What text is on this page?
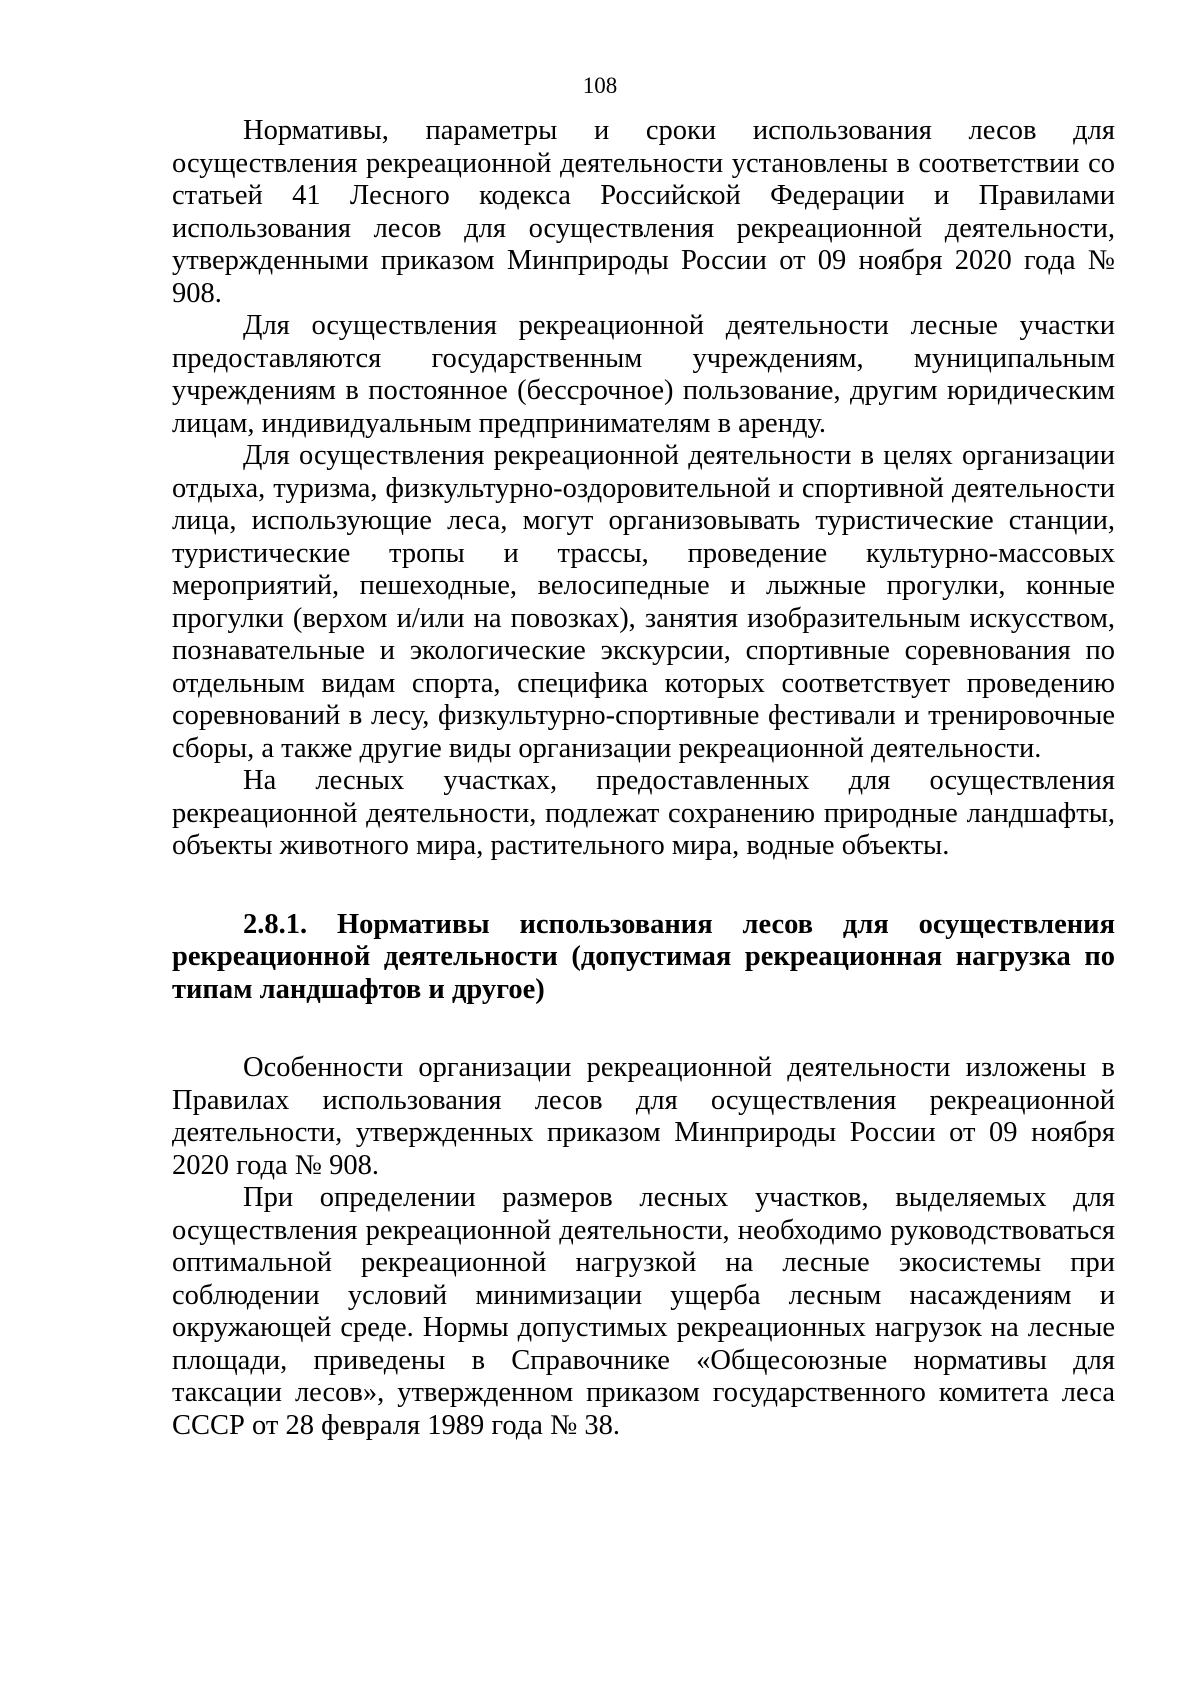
108

Нормативы, параметры и сроки использования лесов для осуществления рекреационной деятельности установлены в соответствии со статьей 41 Лесного кодекса Российской Федерации и Правилами использования лесов для осуществления рекреационной деятельности, утвержденными приказом Минприроды России от 09 ноября 2020 года № 908.

Для осуществления рекреационной деятельности лесные участки предоставляются государственным учреждениям, муниципальным учреждениям в постоянное (бессрочное) пользование, другим юридическим лицам, индивидуальным предпринимателям в аренду.

Для осуществления рекреационной деятельности в целях организации отдыха, туризма, физкультурно-оздоровительной и спортивной деятельности лица, использующие леса, могут организовывать туристические станции, туристические тропы и трассы, проведение культурно-массовых мероприятий, пешеходные, велосипедные и лыжные прогулки, конные прогулки (верхом и/или на повозках), занятия изобразительным искусством, познавательные и экологические экскурсии, спортивные соревнования по отдельным видам спорта, специфика которых соответствует проведению соревнований в лесу, физкультурно-спортивные фестивали и тренировочные сборы, а также другие виды организации рекреационной деятельности.

На лесных участках, предоставленных для осуществления рекреационной деятельности, подлежат сохранению природные ландшафты, объекты животного мира, растительного мира, водные объекты.

2.8.1. Нормативы использования лесов для осуществления рекреационной деятельности (допустимая рекреационная нагрузка по типам ландшафтов и другое)

Особенности организации рекреационной деятельности изложены в Правилах использования лесов для осуществления рекреационной деятельности, утвержденных приказом Минприроды России от 09 ноября 2020 года № 908.

При определении размеров лесных участков, выделяемых для осуществления рекреационной деятельности, необходимо руководствоваться оптимальной рекреационной нагрузкой на лесные экосистемы при соблюдении условий минимизации ущерба лесным насаждениям и окружающей среде. Нормы допустимых рекреационных нагрузок на лесные площади, приведены в Справочнике «Общесоюзные нормативы для таксации лесов», утвержденном приказом государственного комитета леса СССР от 28 февраля 1989 года № 38.
